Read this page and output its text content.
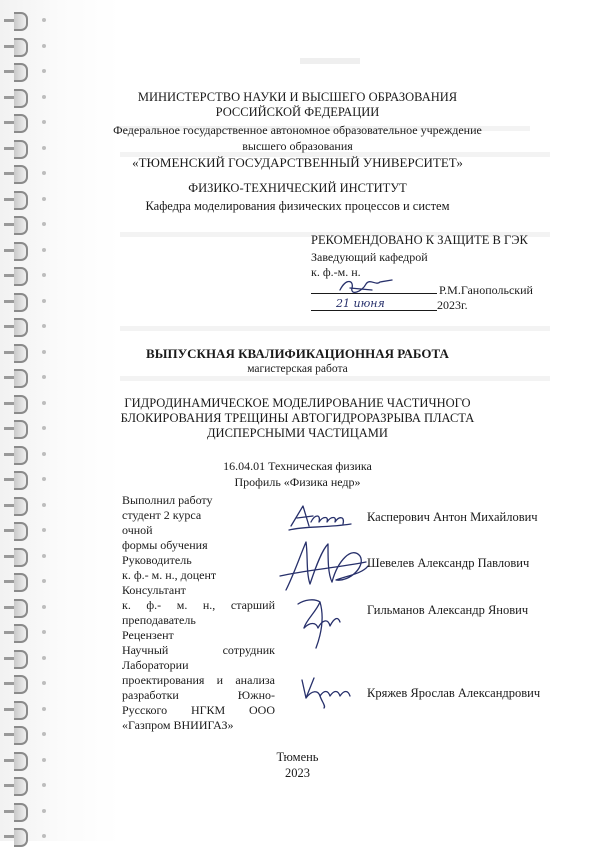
МИНИСТЕРСТВО НАУКИ И ВЫСШЕГО ОБРАЗОВАНИЯ
РОССИЙСКОЙ ФЕДЕРАЦИИ
Федеральное государственное автономное образовательное учреждение
высшего образования
«ТЮМЕНСКИЙ ГОСУДАРСТВЕННЫЙ УНИВЕРСИТЕТ»
ФИЗИКО-ТЕХНИЧЕСКИЙ ИНСТИТУТ
Кафедра моделирования физических процессов и систем
РЕКОМЕНДОВАНО К ЗАЩИТЕ В ГЭК
Заведующий кафедрой
к. ф.-м. н.
Р.М.Ганопольский
21 июня	2023г.
ВЫПУСКНАЯ КВАЛИФИКАЦИОННАЯ РАБОТА
магистерская работа
ГИДРОДИНАМИЧЕСКОЕ МОДЕЛИРОВАНИЕ ЧАСТИЧНОГО
БЛОКИРОВАНИЯ ТРЕЩИНЫ АВТОГИДРОРАЗРЫВА ПЛАСТА
ДИСПЕРСНЫМИ ЧАСТИЦАМИ
16.04.01 Техническая физика
Профиль «Физика недр»
Выполнил работу
студент 2 курса
очной
формы обучения
Касперович Антон Михайлович
Руководитель
к. ф.- м. н., доцент
Шевелев Александр Павлович
Консультант
к. ф.- м. н., старший
преподаватель
Гильманов Александр Янович
Рецензент
Научный сотрудник
Лаборатории
проектирования и анализа
разработки Южно-
Русского НГКМ ООО
«Газпром ВНИИГАЗ»
Кряжев Ярослав Александрович
Тюмень
2023
